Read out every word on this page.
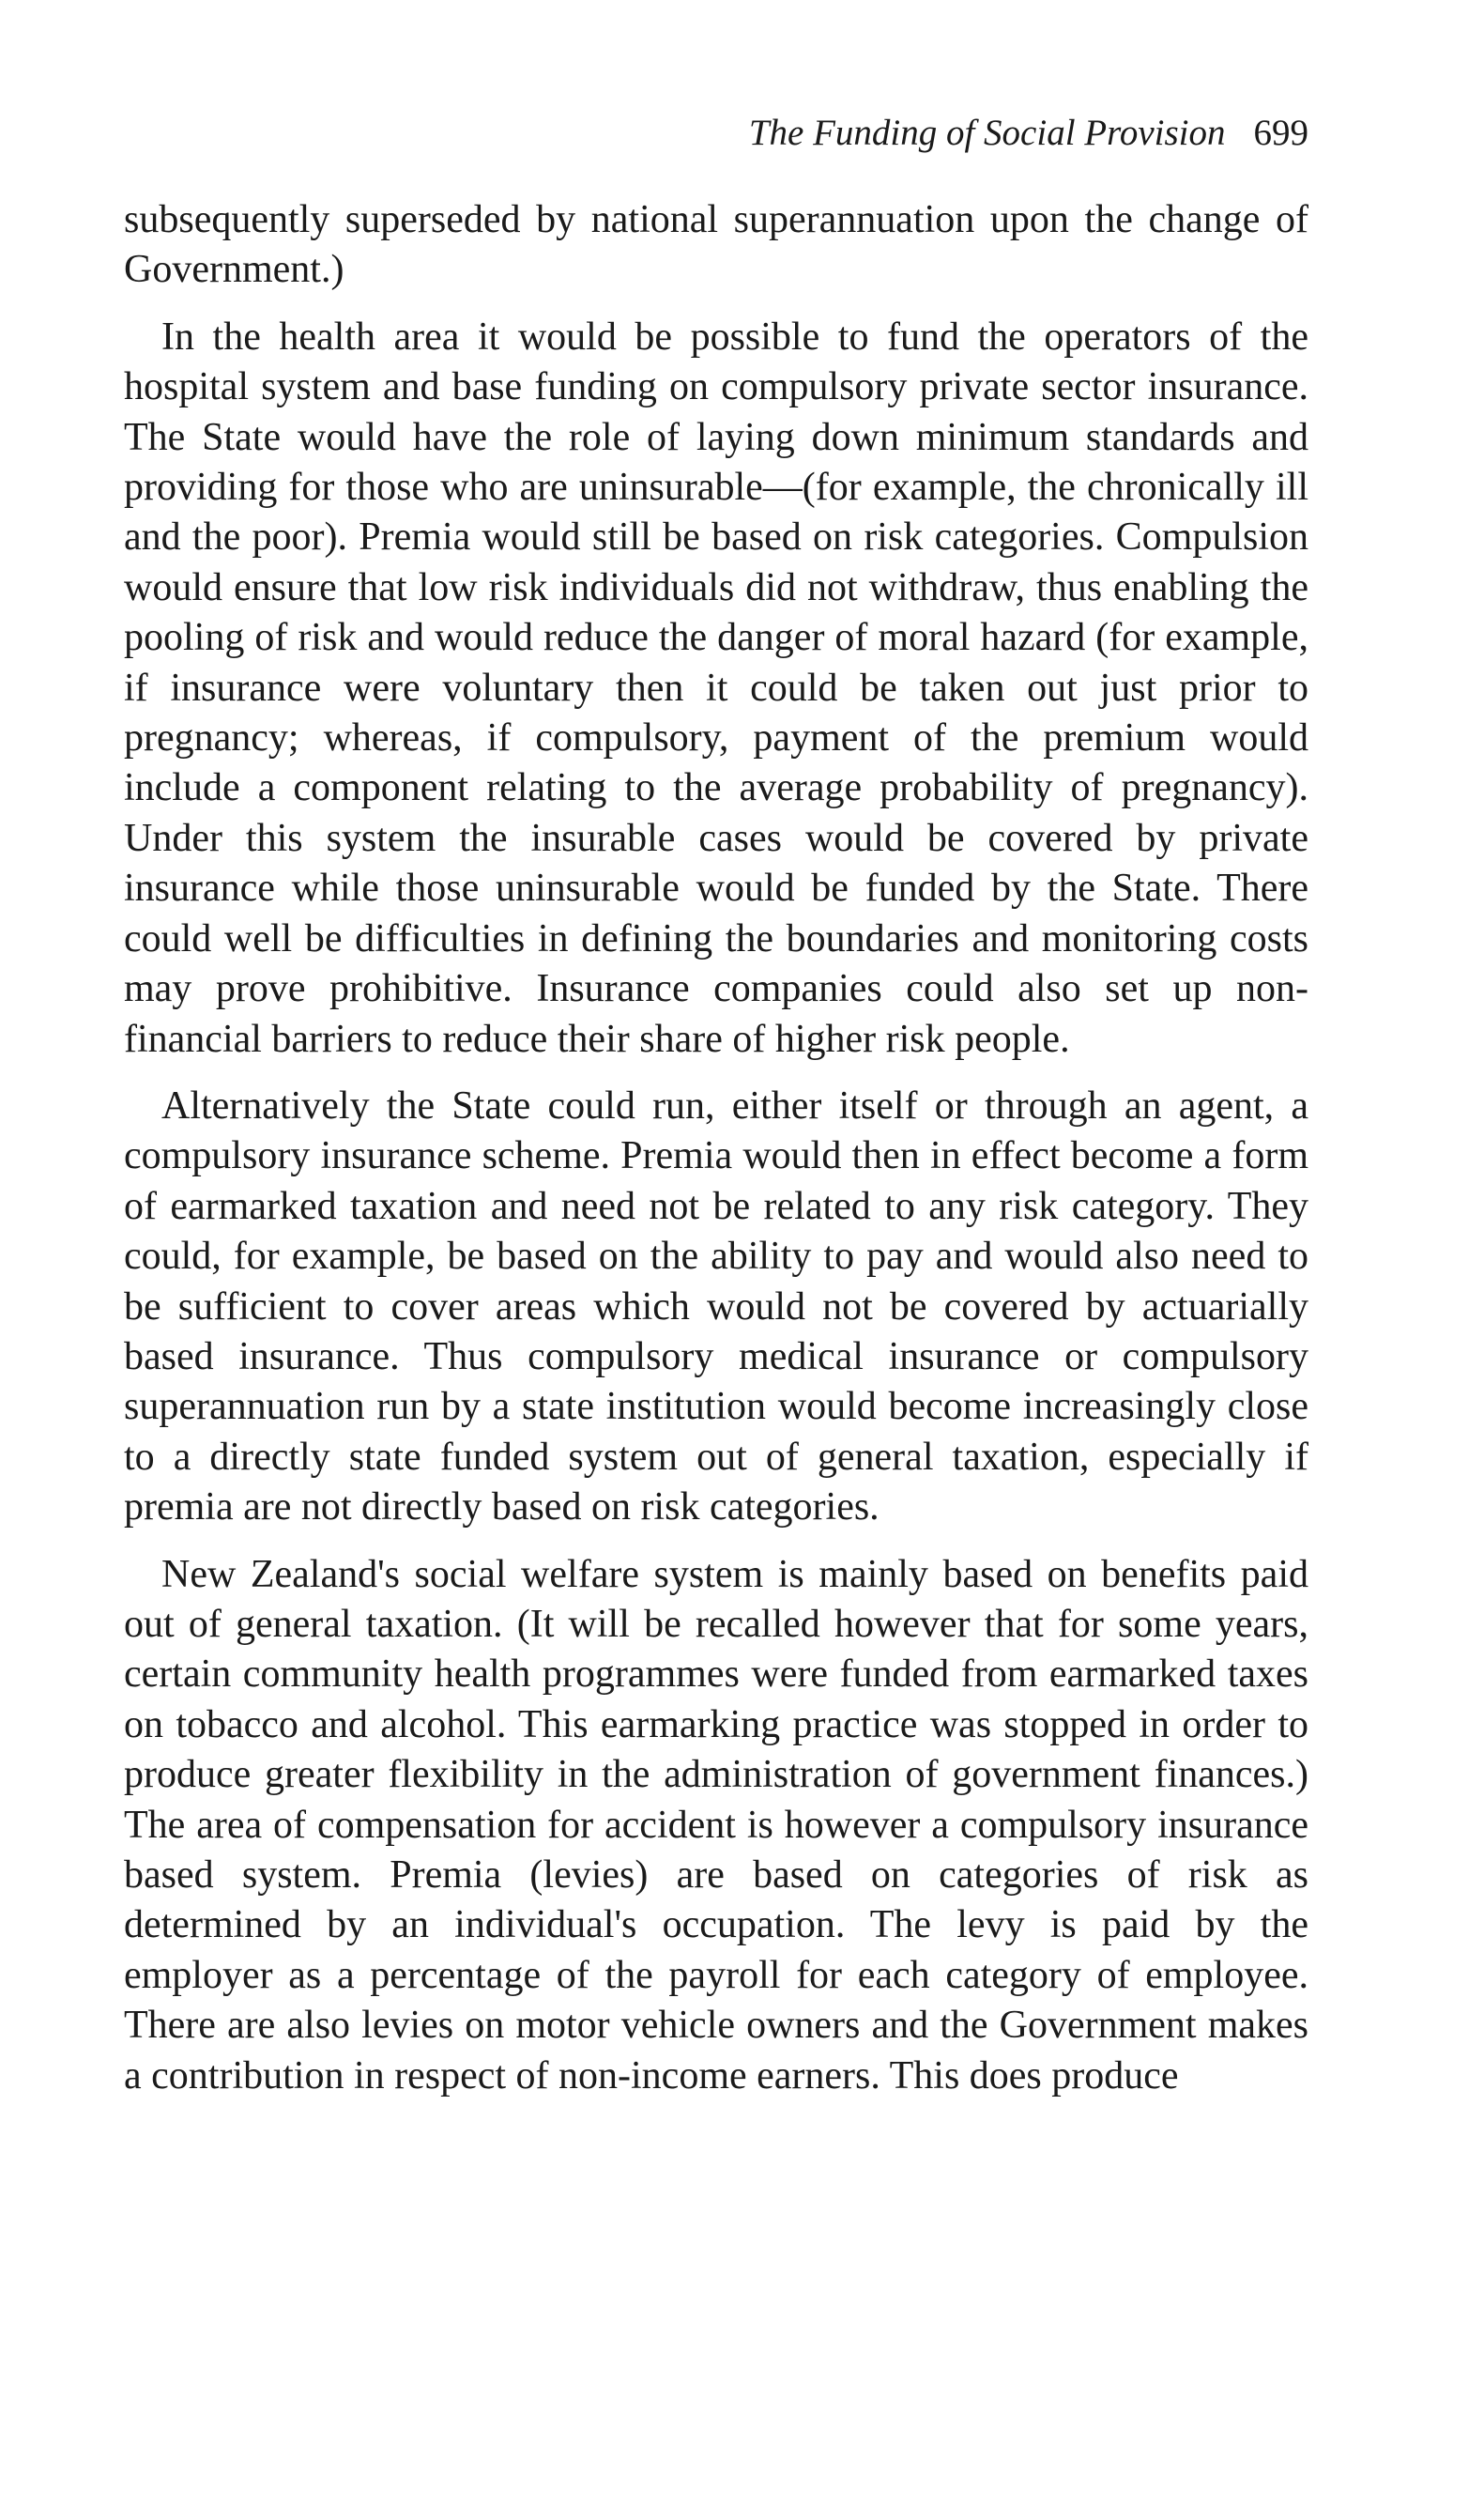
The Funding of Social Provision 699

subsequently superseded by national superannuation upon the change of Government.)

In the health area it would be possible to fund the operators of the hospital system and base funding on compulsory private sector insurance. The State would have the role of laying down minimum standards and providing for those who are uninsurable—(for example, the chronically ill and the poor). Premia would still be based on risk categories. Compulsion would ensure that low risk individuals did not withdraw, thus enabling the pooling of risk and would reduce the danger of moral hazard (for example, if insurance were voluntary then it could be taken out just prior to pregnancy; whereas, if compulsory, payment of the premium would include a component relating to the average probability of pregnancy). Under this system the insurable cases would be covered by private insurance while those uninsurable would be funded by the State. There could well be difficulties in defining the boundaries and monitoring costs may prove prohibitive. Insurance companies could also set up non-financial barriers to reduce their share of higher risk people.

Alternatively the State could run, either itself or through an agent, a compulsory insurance scheme. Premia would then in effect become a form of earmarked taxation and need not be related to any risk category. They could, for example, be based on the ability to pay and would also need to be sufficient to cover areas which would not be covered by actuarially based insurance. Thus compulsory medical insurance or compulsory superannuation run by a state institution would become increasingly close to a directly state funded system out of general taxation, especially if premia are not directly based on risk categories.

New Zealand's social welfare system is mainly based on benefits paid out of general taxation. (It will be recalled however that for some years, certain community health programmes were funded from earmarked taxes on tobacco and alcohol. This earmarking practice was stopped in order to produce greater flexibility in the administration of government finances.) The area of compensation for accident is however a compulsory insurance based system. Premia (levies) are based on categories of risk as determined by an individual's occupation. The levy is paid by the employer as a percentage of the payroll for each category of employee. There are also levies on motor vehicle owners and the Government makes a contribution in respect of non-income earners. This does produce
